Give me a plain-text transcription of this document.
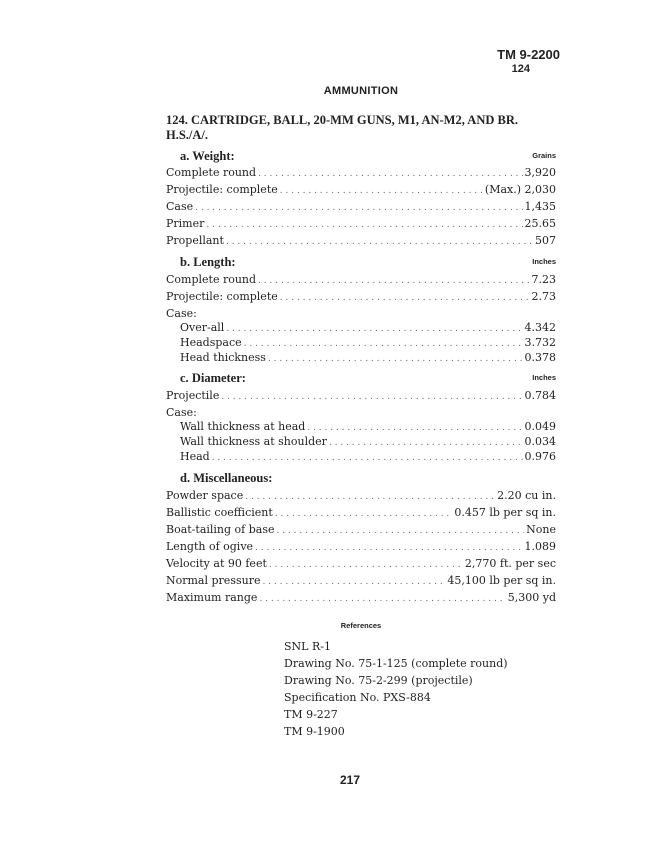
TM 9-2200
124
AMMUNITION
124. CARTRIDGE, BALL, 20-MM GUNS, M1, AN-M2, AND BR. H.S./A/.
a. Weight:	Grains
Complete round . . .	3,920
Projectile: complete . . .	(Max.) 2,030
Case . . .	1,435
Primer . . .	25.65
Propellant . . .	507
b. Length:	Inches
Complete round . . .	7.23
Projectile: complete . . .	2.73
Case:
Over-all . . .	4.342
Headspace . . .	3.732
Head thickness . . .	0.378
c. Diameter:	Inches
Projectile . . .	0.784
Case:
Wall thickness at head . . .	0.049
Wall thickness at shoulder . . .	0.034
Head . . .	0.976
d. Miscellaneous:
Powder space . . .	2.20 cu in.
Ballistic coefficient . . .	0.457 lb per sq in.
Boat-tailing of base . . .	None
Length of ogive . . .	1.089
Velocity at 90 feet . . .	2,770 ft. per sec
Normal pressure . . .	45,100 lb per sq in.
Maximum range . . .	5,300 yd
References
SNL R-1
Drawing No. 75-1-125 (complete round)
Drawing No. 75-2-299 (projectile)
Specification No. PXS-884
TM 9-227
TM 9-1900
217
